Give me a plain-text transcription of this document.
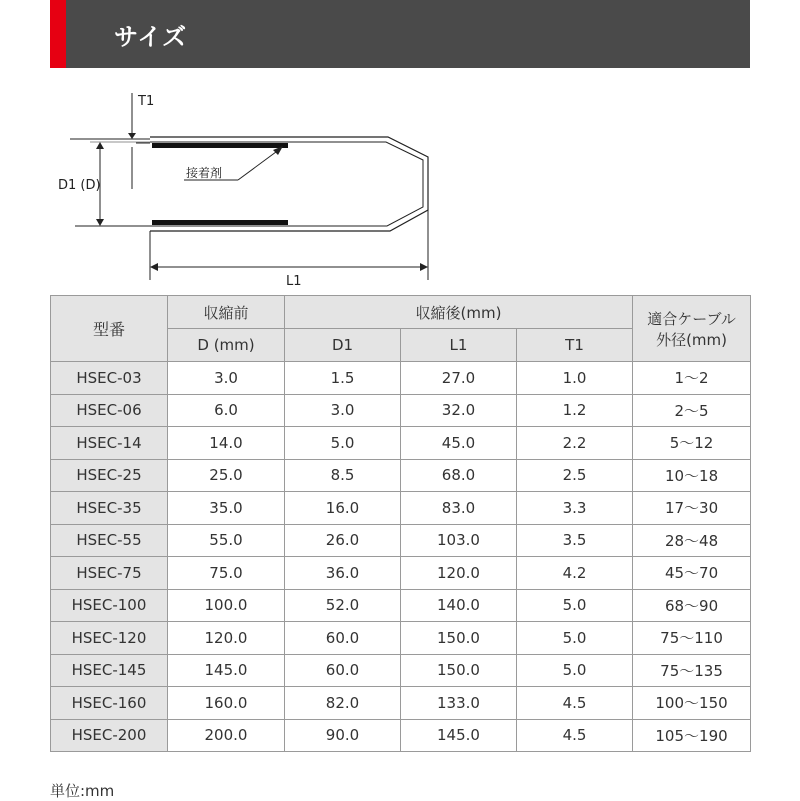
サイズ
T1
D1 (D)
接着剤
L1
型番	収縮前	収縮後(mm)			適合ケーブル
外径(mm)
	D (mm)	D1	L1	T1	
HSEC-03	3.0	1.5	27.0	1.0	1〜2
HSEC-06	6.0	3.0	32.0	1.2	2〜5
HSEC-14	14.0	5.0	45.0	2.2	5〜12
HSEC-25	25.0	8.5	68.0	2.5	10〜18
HSEC-35	35.0	16.0	83.0	3.3	17〜30
HSEC-55	55.0	26.0	103.0	3.5	28〜48
HSEC-75	75.0	36.0	120.0	4.2	45〜70
HSEC-100	100.0	52.0	140.0	5.0	68〜90
HSEC-120	120.0	60.0	150.0	5.0	75〜110
HSEC-145	145.0	60.0	150.0	5.0	75〜135
HSEC-160	160.0	82.0	133.0	4.5	100〜150
HSEC-200	200.0	90.0	145.0	4.5	105〜190
単位:mm
